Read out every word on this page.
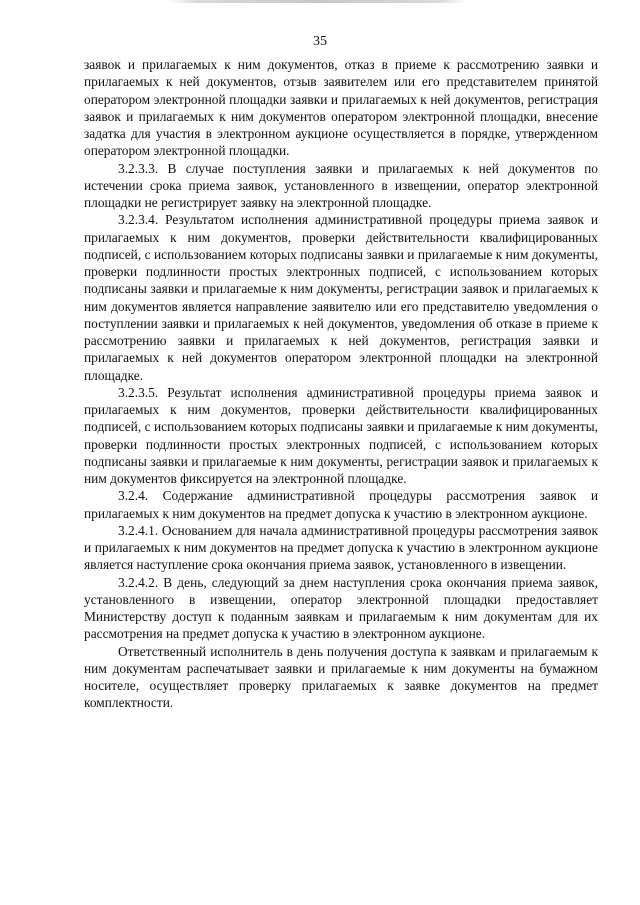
35

заявок и прилагаемых к ним документов, отказ в приеме к рассмотрению заявки и прилагаемых к ней документов, отзыв заявителем или его представителем принятой оператором электронной площадки заявки и прилагаемых к ней документов, регистрация заявок и прилагаемых к ним документов оператором электронной площадки, внесение задатка для участия в электронном аукционе осуществляется в порядке, утвержденном оператором электронной площадки.

3.2.3.3. В случае поступления заявки и прилагаемых к ней документов по истечении срока приема заявок, установленного в извещении, оператор электронной площадки не регистрирует заявку на электронной площадке.

3.2.3.4. Результатом исполнения административной процедуры приема заявок и прилагаемых к ним документов, проверки действительности квалифицированных подписей, с использованием которых подписаны заявки и прилагаемые к ним документы, проверки подлинности простых электронных подписей, с использованием которых подписаны заявки и прилагаемые к ним документы, регистрации заявок и прилагаемых к ним документов является направление заявителю или его представителю уведомления о поступлении заявки и прилагаемых к ней документов, уведомления об отказе в приеме к рассмотрению заявки и прилагаемых к ней документов, регистрация заявки и прилагаемых к ней документов оператором электронной площадки на электронной площадке.

3.2.3.5. Результат исполнения административной процедуры приема заявок и прилагаемых к ним документов, проверки действительности квалифицированных подписей, с использованием которых подписаны заявки и прилагаемые к ним документы, проверки подлинности простых электронных подписей, с использованием которых подписаны заявки и прилагаемые к ним документы, регистрации заявок и прилагаемых к ним документов фиксируется на электронной площадке.

3.2.4. Содержание административной процедуры рассмотрения заявок и прилагаемых к ним документов на предмет допуска к участию в электронном аукционе.

3.2.4.1. Основанием для начала административной процедуры рассмотрения заявок и прилагаемых к ним документов на предмет допуска к участию в электронном аукционе является наступление срока окончания приема заявок, установленного в извещении.

3.2.4.2. В день, следующий за днем наступления срока окончания приема заявок, установленного в извещении, оператор электронной площадки предоставляет Министерству доступ к поданным заявкам и прилагаемым к ним документам для их рассмотрения на предмет допуска к участию в электронном аукционе.

Ответственный исполнитель в день получения доступа к заявкам и прилагаемым к ним документам распечатывает заявки и прилагаемые к ним документы на бумажном носителе, осуществляет проверку прилагаемых к заявке документов на предмет комплектности.
